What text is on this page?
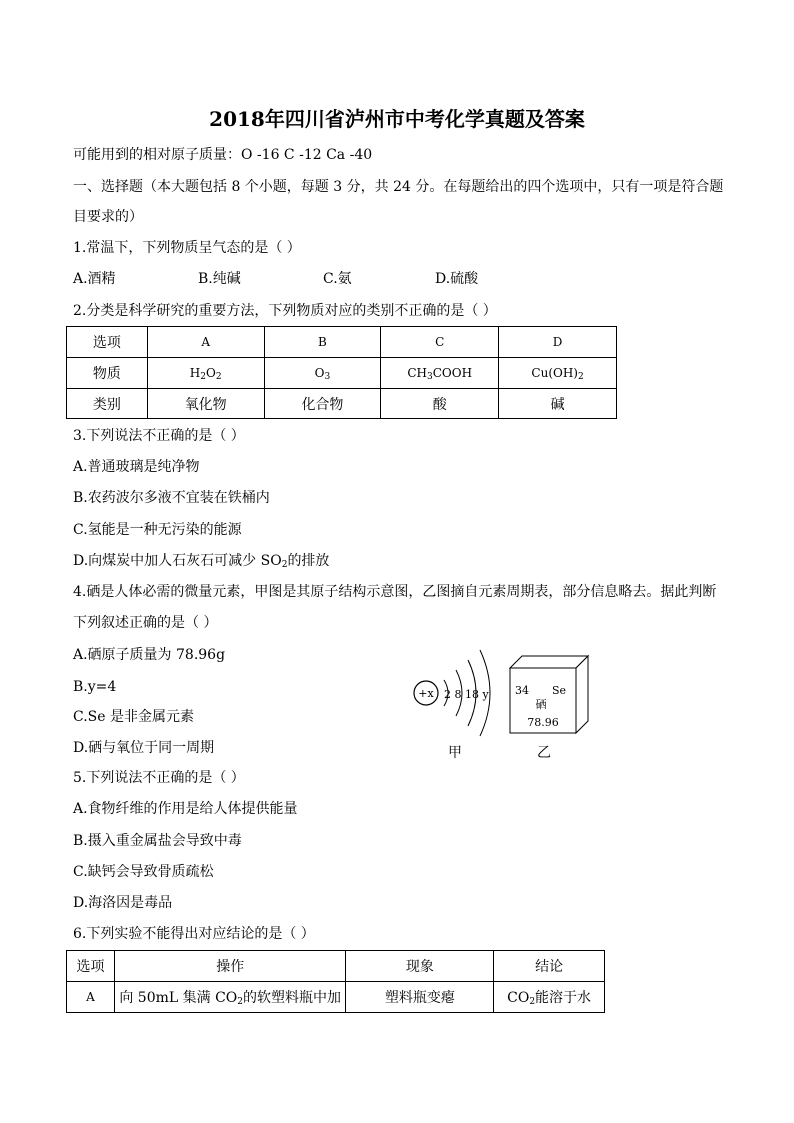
2018年四川省泸州市中考化学真题及答案
可能用到的相对原子质量：O -16 C -12 Ca -40
一、选择题（本大题包括 8 个小题，每题 3 分，共 24 分。在每题给出的四个选项中，只有一项是符合题
目要求的）
1.常温下，下列物质呈气态的是（ ）
A.酒精	B.纯碱	C.氨	D.硫酸
2.分类是科学研究的重要方法，下列物质对应的类别不正确的是（ ）
选项	A	B	C	D
物质	$H_2O_2$	$O_3$	$CH_3COOH$	$Cu(OH)_2$
类别	氧化物	化合物	酸	碱
3.下列说法不正确的是（ ）
A.普通玻璃是纯净物
B.农药波尔多液不宜装在铁桶内
C.氢能是一种无污染的能源
D.向煤炭中加人石灰石可减少 $SO_2$的排放
4.硒是人体必需的微量元素，甲图是其原子结构示意图，乙图摘自元素周期表，部分信息略去。据此判断
下列叙述正确的是（ ）
A.硒原子质量为 78.96g
B.y=4
C.Se 是非金属元素
D.硒与氧位于同一周期
+x 2 8 18 y
甲
34 Se
硒
78.96
乙
5.下列说法不正确的是（ ）
A.食物纤维的作用是给人体提供能量
B.摄入重金属盐会导致中毒
C.缺钙会导致骨质疏松
D.海洛因是毒品
6.下列实验不能得出对应结论的是（ ）
选项	操作	现象	结论
A	向 50mL 集满 $CO_2$的软塑料瓶中加	塑料瓶变瘪	$CO_2$能溶于水
